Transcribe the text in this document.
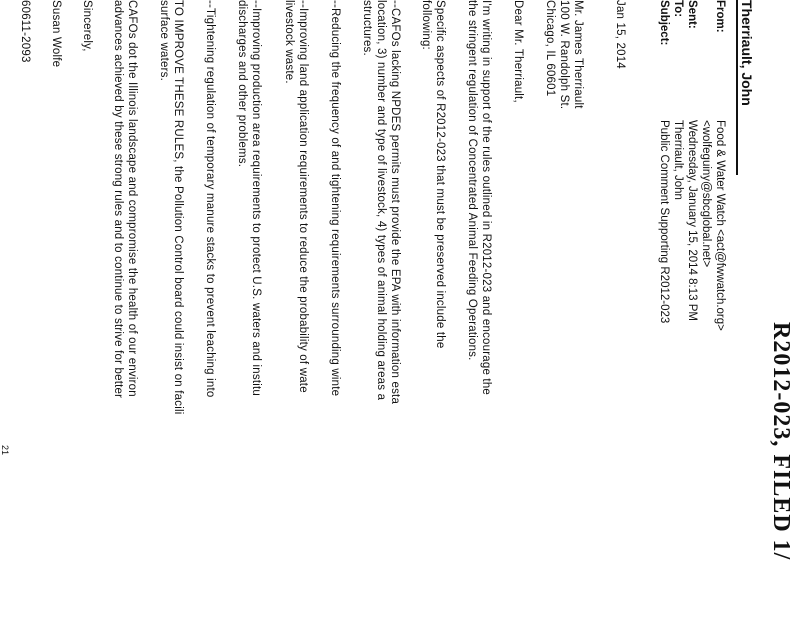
R2012-023, FILED 1/
Therriault, John
From:
Food & Water Watch <act@fwwatch.org>
<wolfeguiny@sbcglobal.net>
Sent:
Wednesday, January 15, 2014 8:13 PM
To:
Therriault, John
Subject:
Public Comment Supporting R2012-023
Jan 15, 2014
Mr. James Therriault
100 W. Randolph St.
Chicago, IL 60601
Dear Mr. Therriault,
I'm writing in support of the rules outlined in R2012-023 and encourage the
the stringent regulation of Concentrated Animal Feeding Operations.
Specific aspects of R2012-023 that must be preserved include the
following:
--CAFOs lacking NPDES permits must provide the EPA with information esta
location, 3) number and type of livestock, 4) types of animal holding areas a
structures.
--Reducing the frequency of and tightening requirements surrounding winte
--Improving land application requirements to reduce the probability of wate
livestock waste.
--Improving production area requirements to protect U.S. waters and institu
discharges and other problems.
--Tightening regulation of temporary manure stacks to prevent leaching into
TO IMPROVE THESE RULES, the Pollution Control board could insist on facili
surface waters.
CAFOs dot the Illinois landscape and compromise the health of our environ
advances achieved by these strong rules and to continue to strive for better
Sincerely,
Susan Wolfe
60611-2093
21
